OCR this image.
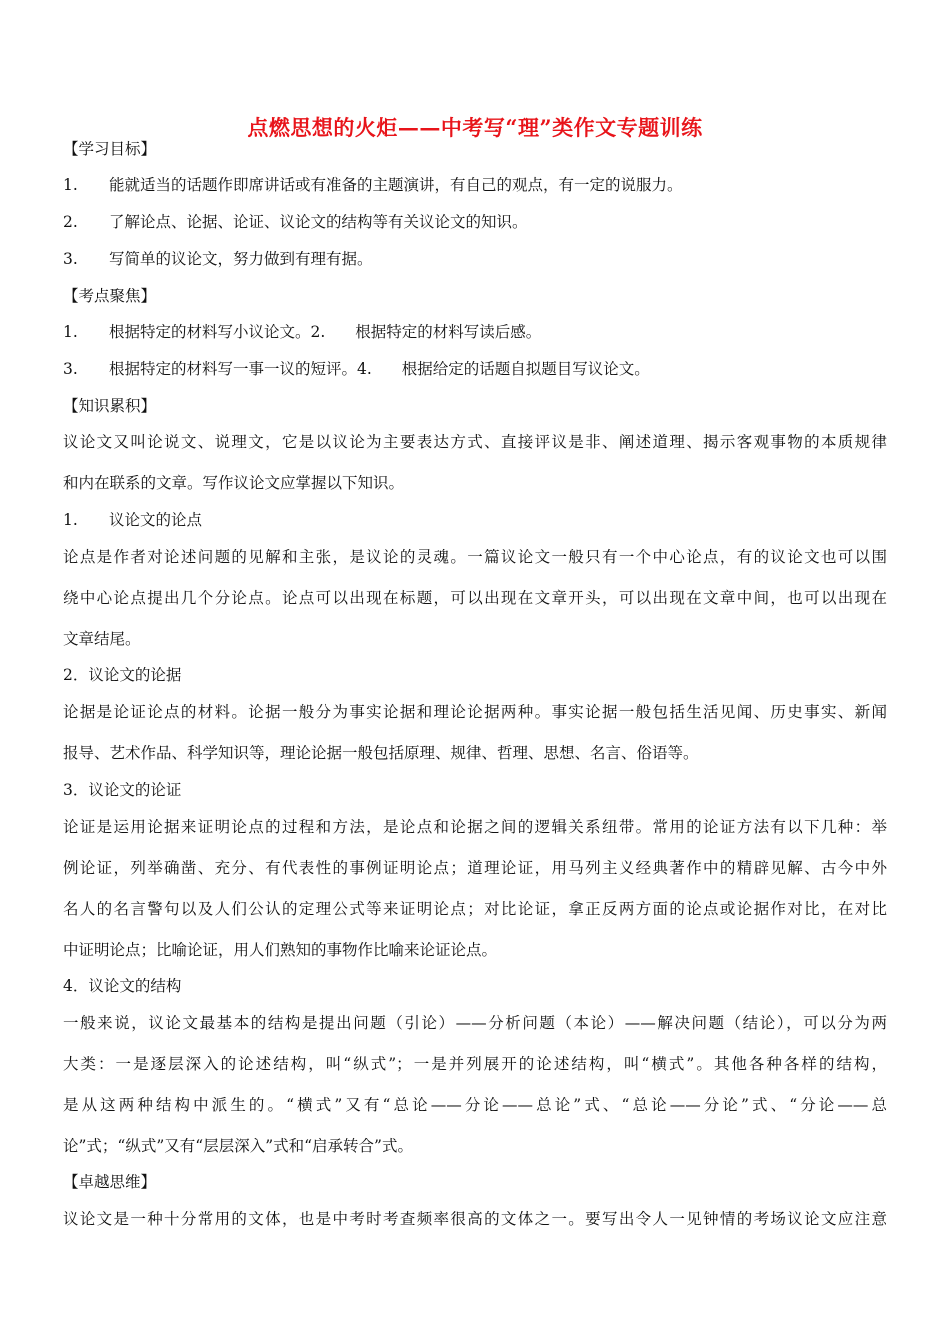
点燃思想的火炬——中考写“理”类作文专题训练
【学习目标】
1. 能就适当的话题作即席讲话或有准备的主题演讲，有自己的观点，有一定的说服力。
2. 了解论点、论据、论证、议论文的结构等有关议论文的知识。
3. 写简单的议论文，努力做到有理有据。
【考点聚焦】
1. 根据特定的材料写小议论文。2. 根据特定的材料写读后感。
3. 根据特定的材料写一事一议的短评。4. 根据给定的话题自拟题目写议论文。
【知识累积】
议论文又叫论说文、说理文，它是以议论为主要表达方式、直接评议是非、阐述道理、揭示客观事物的本质规律
和内在联系的文章。写作议论文应掌握以下知识。
1. 议论文的论点
论点是作者对论述问题的见解和主张，是议论的灵魂。一篇议论文一般只有一个中心论点，有的议论文也可以围
绕中心论点提出几个分论点。论点可以出现在标题，可以出现在文章开头，可以出现在文章中间，也可以出现在
文章结尾。
2．议论文的论据
论据是论证论点的材料。论据一般分为事实论据和理论论据两种。事实论据一般包括生活见闻、历史事实、新闻
报导、艺术作品、科学知识等，理论论据一般包括原理、规律、哲理、思想、名言、俗语等。
3．议论文的论证
论证是运用论据来证明论点的过程和方法，是论点和论据之间的逻辑关系纽带。常用的论证方法有以下几种：举
例论证，列举确凿、充分、有代表性的事例证明论点；道理论证，用马列主义经典著作中的精辟见解、古今中外
名人的名言警句以及人们公认的定理公式等来证明论点；对比论证，拿正反两方面的论点或论据作对比，在对比
中证明论点；比喻论证，用人们熟知的事物作比喻来论证论点。
4．议论文的结构
一般来说，议论文最基本的结构是提出问题（引论）——分析问题（本论）——解决问题（结论），可以分为两
大类：一是逐层深入的论述结构，叫“纵式”；一是并列展开的论述结构，叫“横式”。其他各种各样的结构，
是从这两种结构中派生的。“横式”又有“总论——分论——总论”式、“总论——分论”式、“分论——总
论”式；“纵式”又有“层层深入”式和“启承转合”式。
【卓越思维】
议论文是一种十分常用的文体，也是中考时考查频率很高的文体之一。要写出令人一见钟情的考场议论文应注意
